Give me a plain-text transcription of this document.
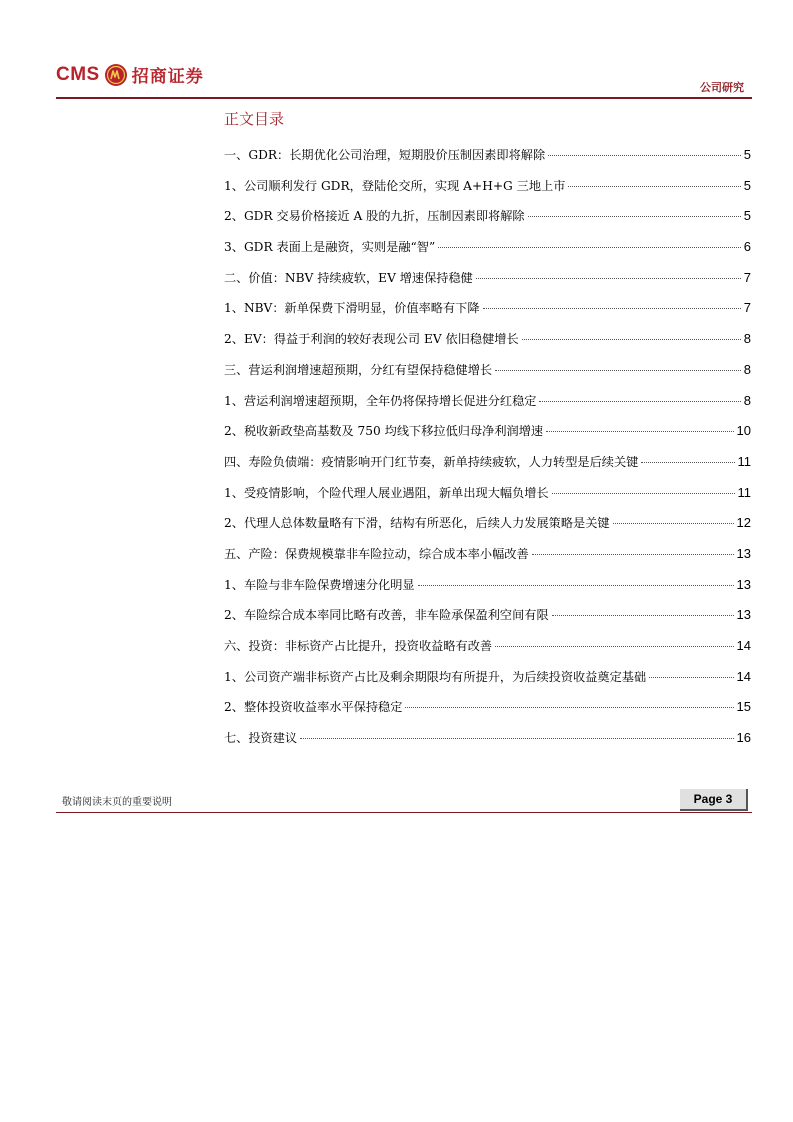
CMS 招商证券
公司研究
正文目录
一、GDR：长期优化公司治理，短期股价压制因素即将解除	5
1、公司顺利发行 GDR，登陆伦交所，实现 A+H+G 三地上市	5
2、GDR 交易价格接近 A 股的九折，压制因素即将解除	5
3、GDR 表面上是融资，实则是融“智”	6
二、价值：NBV 持续疲软，EV 增速保持稳健	7
1、NBV：新单保费下滑明显，价值率略有下降	7
2、EV：得益于利润的较好表现公司 EV 依旧稳健增长	8
三、营运利润增速超预期，分红有望保持稳健增长	8
1、营运利润增速超预期，全年仍将保持增长促进分红稳定	8
2、税收新政垫高基数及 750 均线下移拉低归母净利润增速	10
四、寿险负债端：疫情影响开门红节奏，新单持续疲软，人力转型是后续关键	11
1、受疫情影响，个险代理人展业遇阻，新单出现大幅负增长	11
2、代理人总体数量略有下滑，结构有所恶化，后续人力发展策略是关键	12
五、产险：保费规模靠非车险拉动，综合成本率小幅改善	13
1、车险与非车险保费增速分化明显	13
2、车险综合成本率同比略有改善，非车险承保盈利空间有限	13
六、投资：非标资产占比提升，投资收益略有改善	14
1、公司资产端非标资产占比及剩余期限均有所提升，为后续投资收益奠定基础	14
2、整体投资收益率水平保持稳定	15
七、投资建议	16
敬请阅读末页的重要说明	Page 3
